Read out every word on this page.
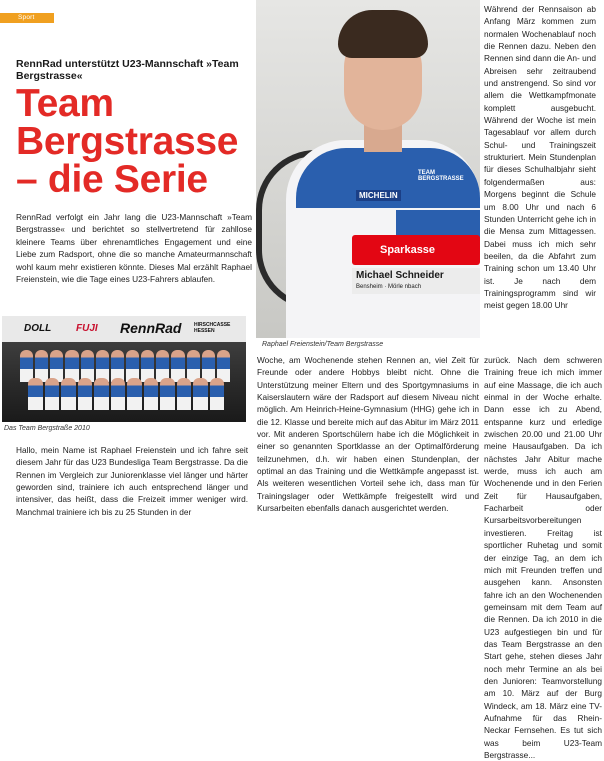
Sport
RennRad unterstützt U23-Mannschaft »Team Bergstrasse«
Team Bergstrasse – die Serie
RennRad verfolgt ein Jahr lang die U23-Mannschaft »Team Bergstrasse« und berichtet so stellvertretend für zahllose kleinere Teams über ehrenamtliches Engagement und eine Liebe zum Radsport, ohne die so manche Amateurmannschaft wohl kaum mehr existieren könnte. Dieses Mal erzählt Raphael Freienstein, wie die Tage eines U23-Fahrers ablaufen.
MICHELIN
TEAM BERGSTRASSE
Sparkasse
Michael Schneider
Bensheim · Mörle nbach
Raphael Freienstein/Team Bergstrasse
DOLL FUJI RennRad	HIRSCHCASSE HESSEN
Das Team Bergstraße 2010

Hallo, mein Name ist Raphael Freienstein und ich fahre seit diesem Jahr für das U23 Bundesliga Team Bergstrasse. Da die Rennen im Vergleich zur Juniorenklasse viel länger und härter geworden sind, trainiere ich auch entsprechend länger und intensiver, das heißt, dass die Freizeit immer weniger wird. Manchmal trainiere ich bis zu 25 Stunden in der

Woche, am Wochenende stehen Rennen an, viel Zeit für Freunde oder andere Hobbys bleibt nicht. Ohne die Unterstützung meiner Eltern und des Sportgymnasiums in Kaiserslautern wäre der Radsport auf diesem Niveau nicht möglich. Am Heinrich-Heine-Gymnasium (HHG) gehe ich in die 12. Klasse und bereite mich auf das Abitur im März 2011 vor. Mit anderen Sportschülern habe ich die Möglichkeit in einer so genannten Sportklasse an der Optimalförderung teilzunehmen, d.h. wir haben einen Stundenplan, der optimal an das Training und die Wettkämpfe angepasst ist. Als weiteren wesentlichen Vorteil sehe ich, dass man für Trainingslager oder Wettkämpfe freigestellt wird und Kursarbeiten ebenfalls danach ausgerichtet werden.

Während der Rennsaison ab Anfang März kommen zum normalen Wochenablauf noch die Rennen dazu. Neben den Rennen sind dann die An- und Abreisen sehr zeitraubend und anstrengend. So sind vor allem die Wettkampfmonate komplett ausgebucht. Während der Woche ist mein Tagesablauf vor allem durch Schul- und Trainingszeit strukturiert. Mein Stundenplan für dieses Schulhalbjahr sieht folgendermaßen aus: Morgens beginnt die Schule um 8.00 Uhr und nach 6 Stunden Unterricht gehe ich in die Mensa zum Mittagessen. Dabei muss ich mich sehr beeilen, da die Abfahrt zum Training schon um 13.40 Uhr ist. Je nach dem Trainingsprogramm sind wir meist gegen 18.00 Uhr

zurück. Nach dem schweren Training freue ich mich immer auf eine Massage, die ich auch einmal in der Woche erhalte. Dann esse ich zu Abend, entspanne kurz und erledige zwischen 20.00 und 21.00 Uhr meine Hausaufgaben. Da ich nächstes Jahr Abitur mache werde, muss ich auch am Wochenende und in den Ferien Zeit für Hausaufgaben, Facharbeit oder Kursarbeitsvorbereitungen investieren. Freitag ist sportlicher Ruhetag und somit der einzige Tag, an dem ich mich mit Freunden treffen und ausgehen kann. Ansonsten fahre ich an den Wochenenden gemeinsam mit dem Team auf die Rennen. Da ich 2010 in die U23 aufgestiegen bin und für das Team Bergstrasse an den Start gehe, stehen dieses Jahr noch mehr Termine an als bei den Junioren: Teamvorstellung am 10. März auf der Burg Windeck, am 18. März eine TV-Aufnahme für das Rhein-Neckar Fernsehen. Es tut sich was beim U23-Team Bergstrasse...
